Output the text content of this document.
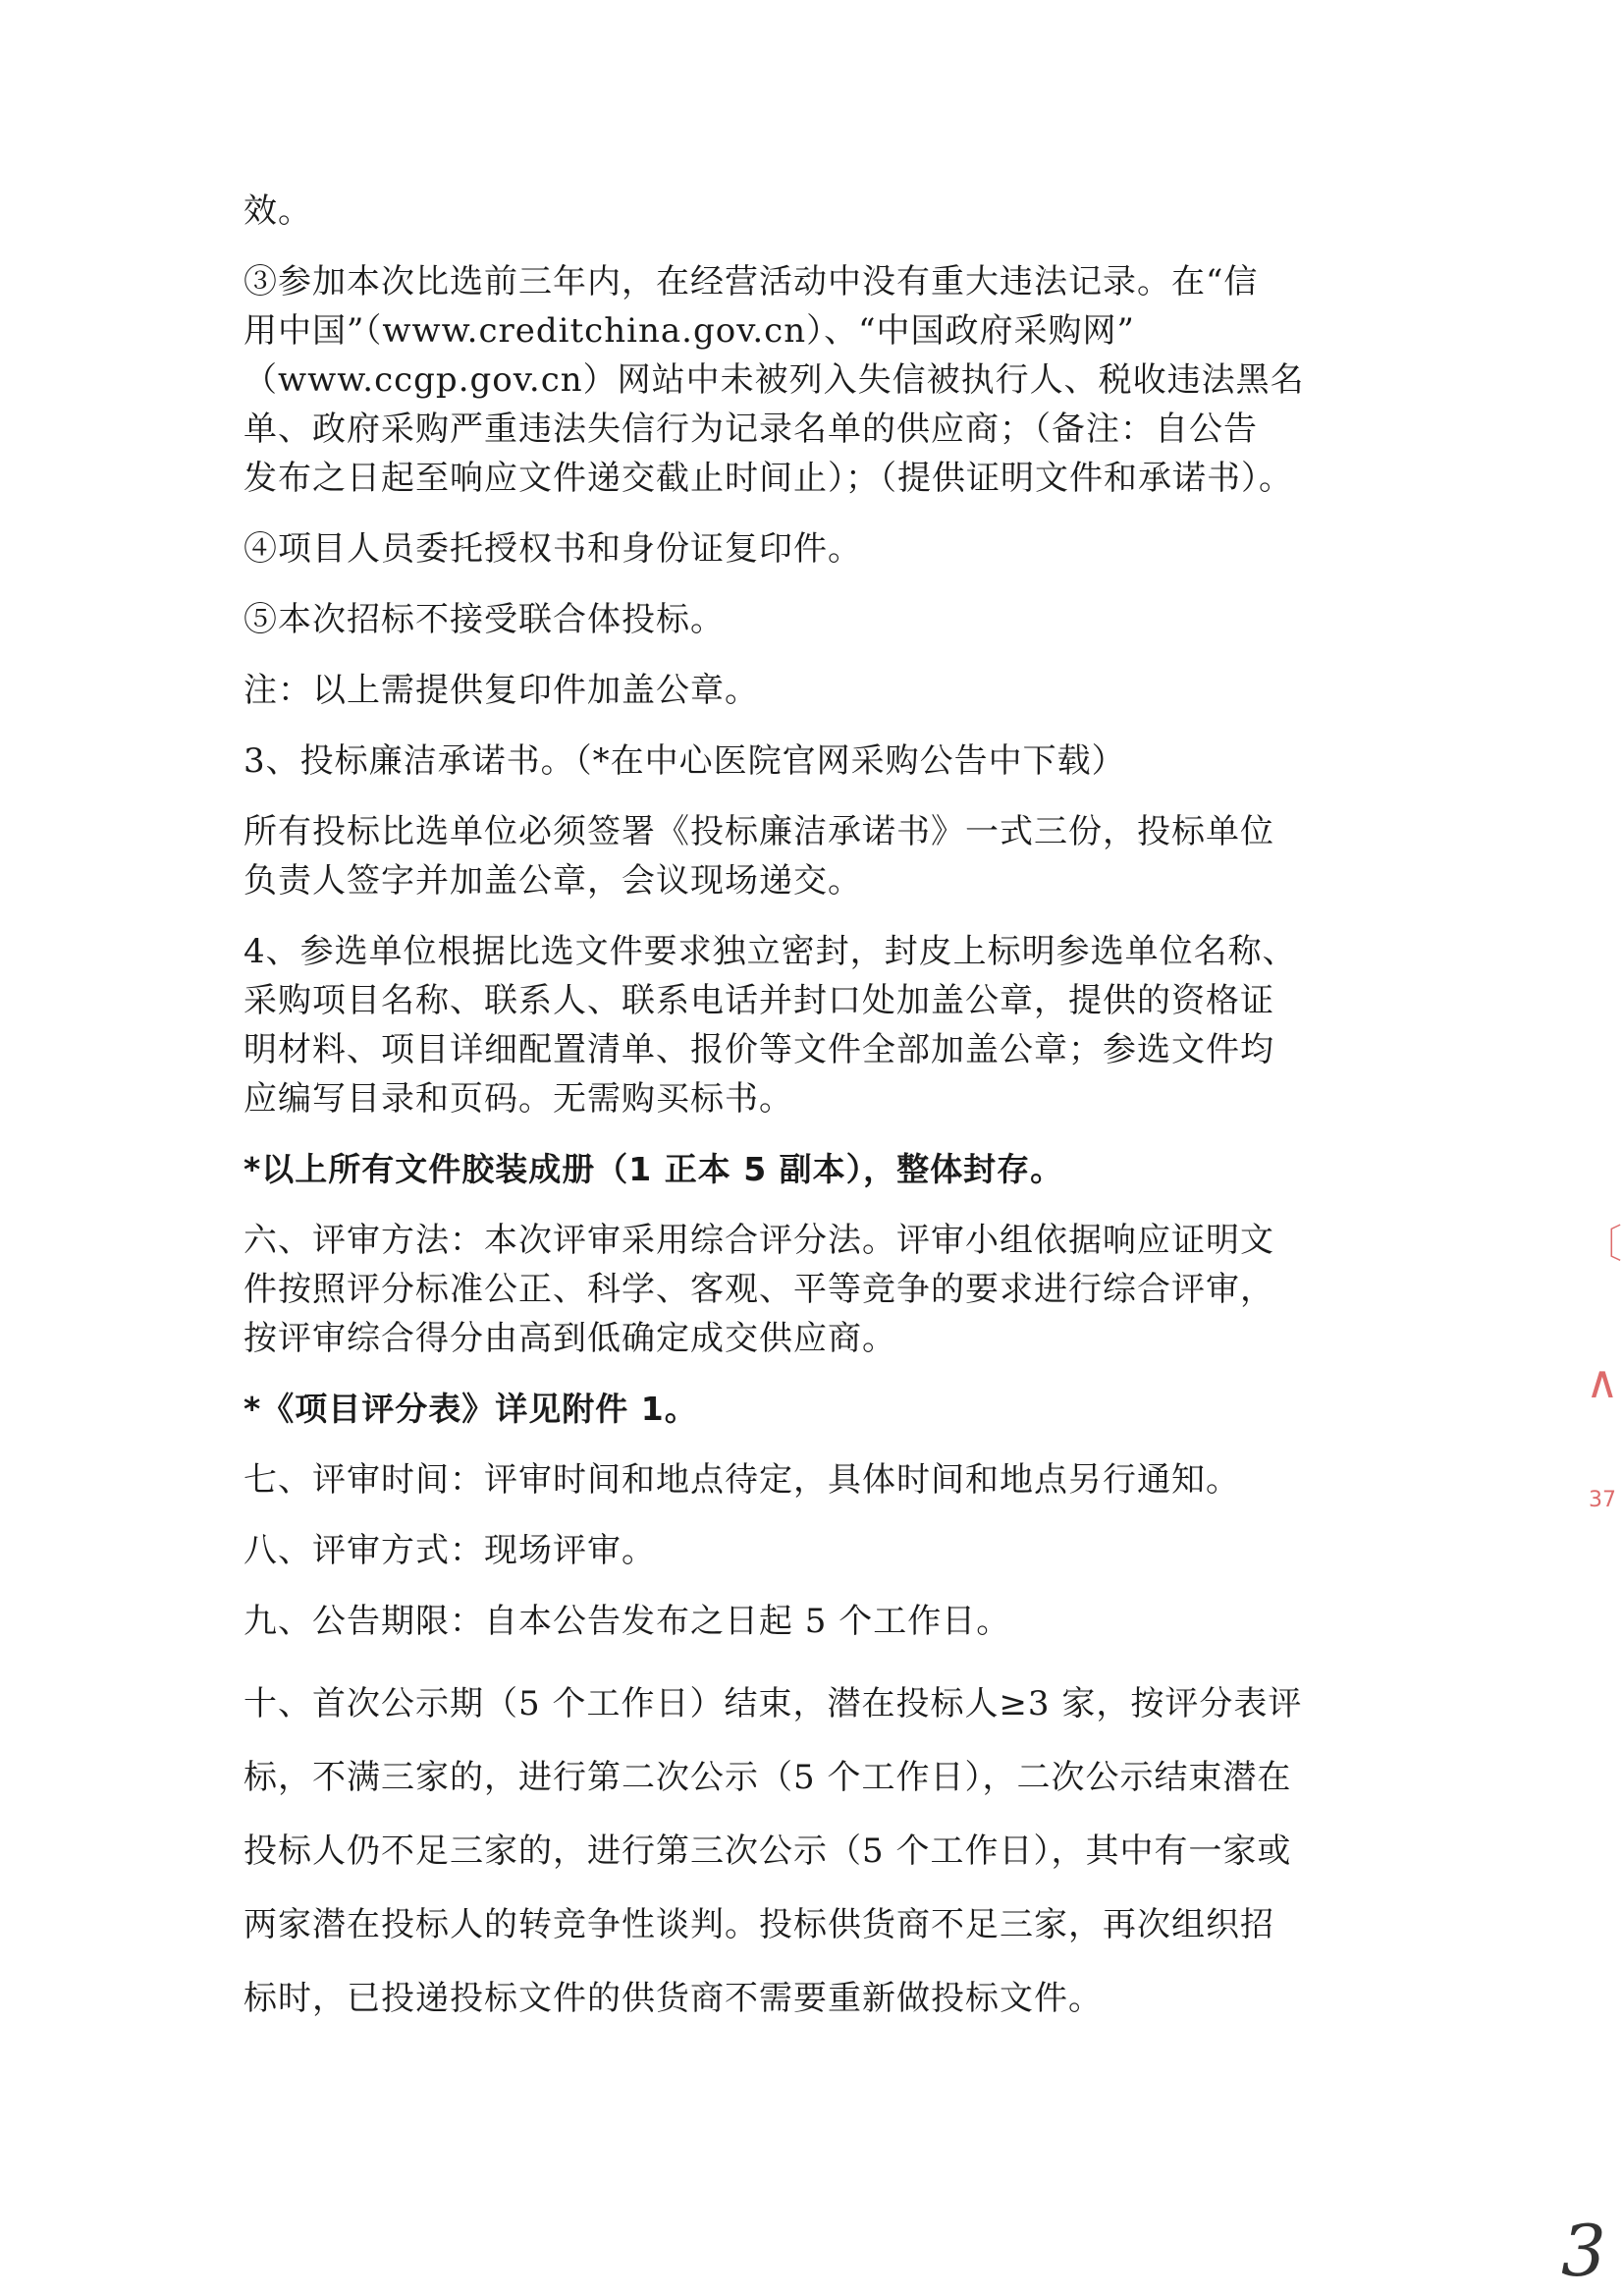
效。
③参加本次比选前三年内，在经营活动中没有重大违法记录。在“信
用中国”（www.creditchina.gov.cn）、“中国政府采购网”
（www.ccgp.gov.cn）网站中未被列入失信被执行人、税收违法黑名
单、政府采购严重违法失信行为记录名单的供应商；（备注：自公告
发布之日起至响应文件递交截止时间止）；（提供证明文件和承诺书）。
④项目人员委托授权书和身份证复印件。
⑤本次招标不接受联合体投标。
注：以上需提供复印件加盖公章。
3、投标廉洁承诺书。（*在中心医院官网采购公告中下载）
所有投标比选单位必须签署《投标廉洁承诺书》一式三份，投标单位
负责人签字并加盖公章，会议现场递交。
4、参选单位根据比选文件要求独立密封，封皮上标明参选单位名称、
采购项目名称、联系人、联系电话并封口处加盖公章，提供的资格证
明材料、项目详细配置清单、报价等文件全部加盖公章；参选文件均
应编写目录和页码。无需购买标书。
*以上所有文件胶装成册（1 正本 5 副本），整体封存。
六、评审方法：本次评审采用综合评分法。评审小组依据响应证明文
件按照评分标准公正、科学、客观、平等竞争的要求进行综合评审，
按评审综合得分由高到低确定成交供应商。
*《项目评分表》详见附件 1。
七、评审时间：评审时间和地点待定，具体时间和地点另行通知。
八、评审方式：现场评审。
九、公告期限：自本公告发布之日起 5 个工作日。
十、首次公示期（5 个工作日）结束，潜在投标人≥3 家，按评分表评
标，不满三家的，进行第二次公示（5 个工作日），二次公示结束潜在
投标人仍不足三家的，进行第三次公示（5 个工作日），其中有一家或
两家潜在投标人的转竞争性谈判。投标供货商不足三家，再次组织招
标时，已投递投标文件的供货商不需要重新做投标文件。
〔
∧
37
3
